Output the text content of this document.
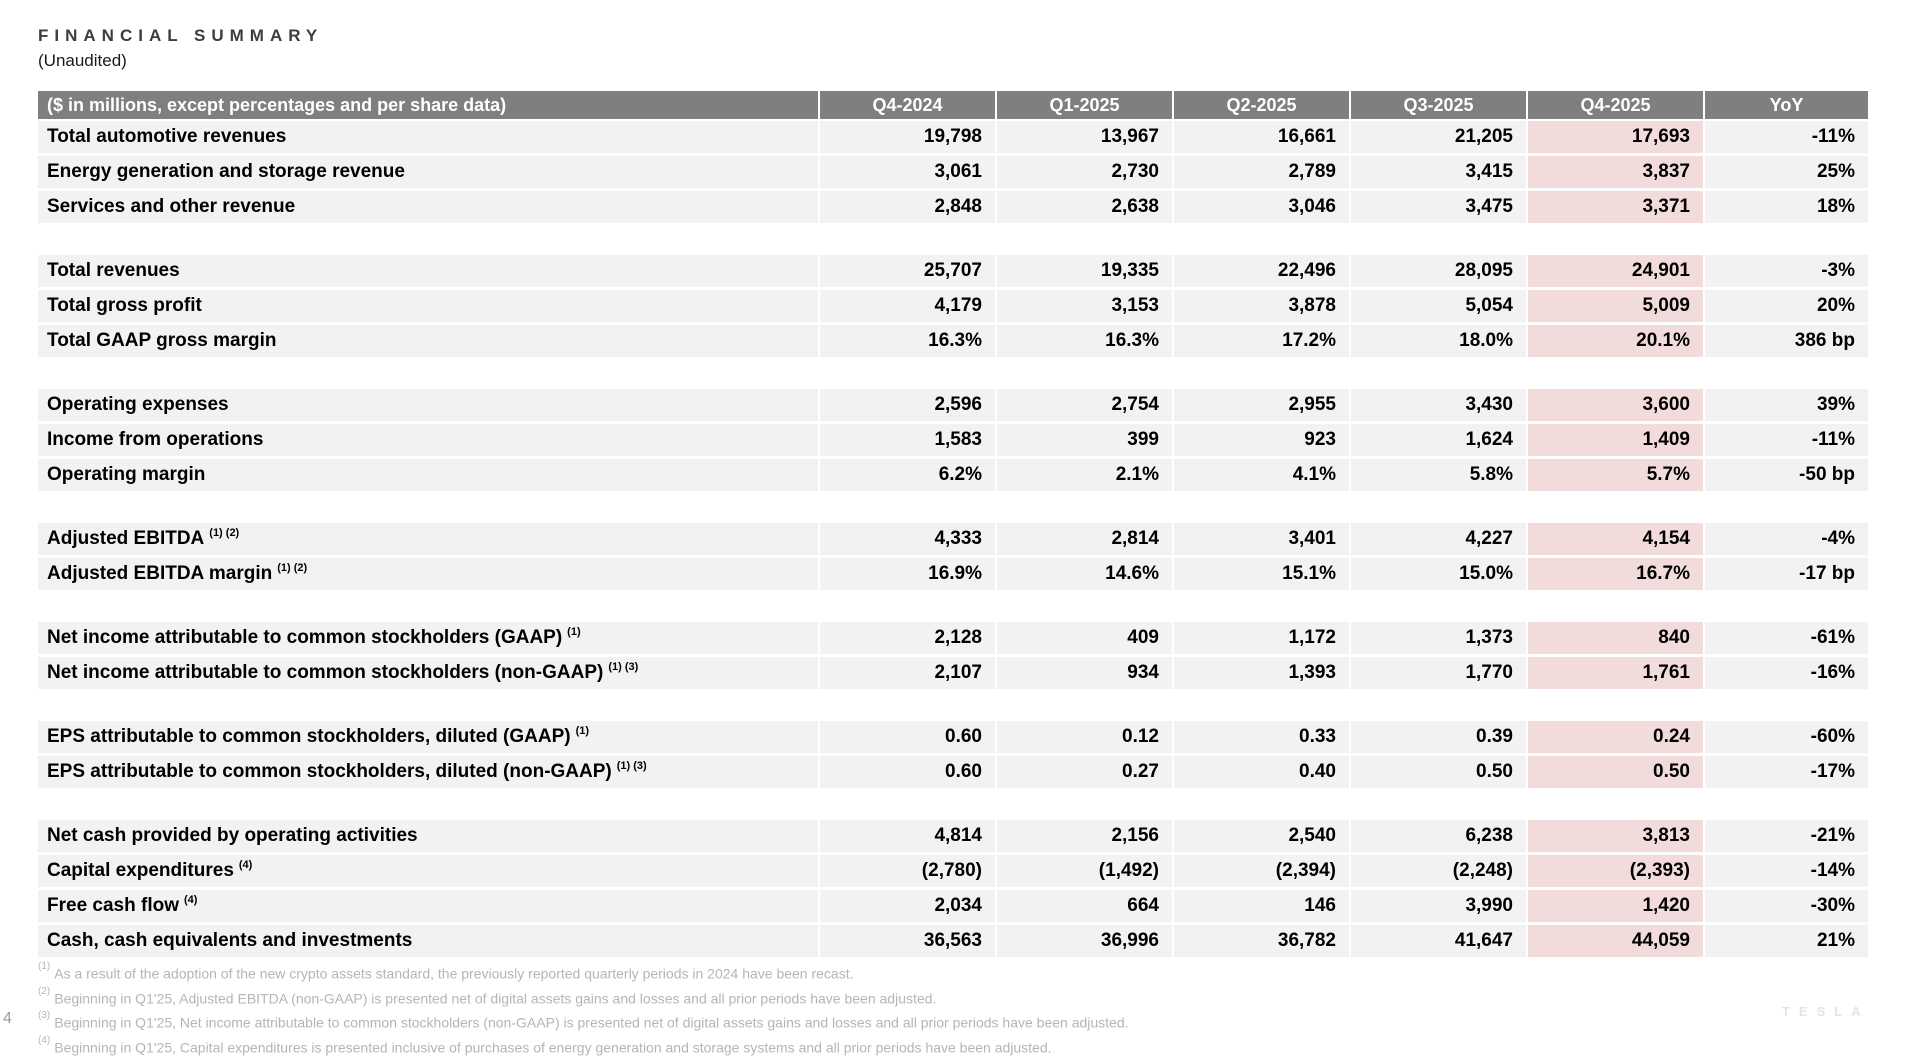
FINANCIAL SUMMARY
(Unaudited)
($ in millions, except percentages and per share data)	Q4-2024	Q1-2025	Q2-2025	Q3-2025	Q4-2025	YoY
Total automotive revenues	19,798	13,967	16,661	21,205	17,693	-11%
Energy generation and storage revenue	3,061	2,730	2,789	3,415	3,837	25%
Services and other revenue	2,848	2,638	3,046	3,475	3,371	18%
Total revenues	25,707	19,335	22,496	28,095	24,901	-3%
Total gross profit	4,179	3,153	3,878	5,054	5,009	20%
Total GAAP gross margin	16.3%	16.3%	17.2%	18.0%	20.1%	386 bp
Operating expenses	2,596	2,754	2,955	3,430	3,600	39%
Income from operations	1,583	399	923	1,624	1,409	-11%
Operating margin	6.2%	2.1%	4.1%	5.8%	5.7%	-50 bp
Adjusted EBITDA $^{(1) (2)}$	4,333	2,814	3,401	4,227	4,154	-4%
Adjusted EBITDA margin $^{(1) (2)}$	16.9%	14.6%	15.1%	15.0%	16.7%	-17 bp
Net income attributable to common stockholders (GAAP) $^{(1)}$	2,128	409	1,172	1,373	840	-61%
Net income attributable to common stockholders (non-GAAP) $^{(1) (3)}$	2,107	934	1,393	1,770	1,761	-16%
EPS attributable to common stockholders, diluted (GAAP) $^{(1)}$	0.60	0.12	0.33	0.39	0.24	-60%
EPS attributable to common stockholders, diluted (non-GAAP) $^{(1) (3)}$	0.60	0.27	0.40	0.50	0.50	-17%
Net cash provided by operating activities	4,814	2,156	2,540	6,238	3,813	-21%
Capital expenditures $^{(4)}$	(2,780)	(1,492)	(2,394)	(2,248)	(2,393)	-14%
Free cash flow $^{(4)}$	2,034	664	146	3,990	1,420	-30%
Cash, cash equivalents and investments	36,563	36,996	36,782	41,647	44,059	21%
$^{(1)}$ As a result of the adoption of the new crypto assets standard, the previously reported quarterly periods in 2024 have been recast.
$^{(2)}$ Beginning in Q1'25, Adjusted EBITDA (non-GAAP) is presented net of digital assets gains and losses and all prior periods have been adjusted.
$^{(3)}$ Beginning in Q1'25, Net income attributable to common stockholders (non-GAAP) is presented net of digital assets gains and losses and all prior periods have been adjusted.
$^{(4)}$ Beginning in Q1'25, Capital expenditures is presented inclusive of purchases of energy generation and storage systems and all prior periods have been adjusted.
4	TESLA
